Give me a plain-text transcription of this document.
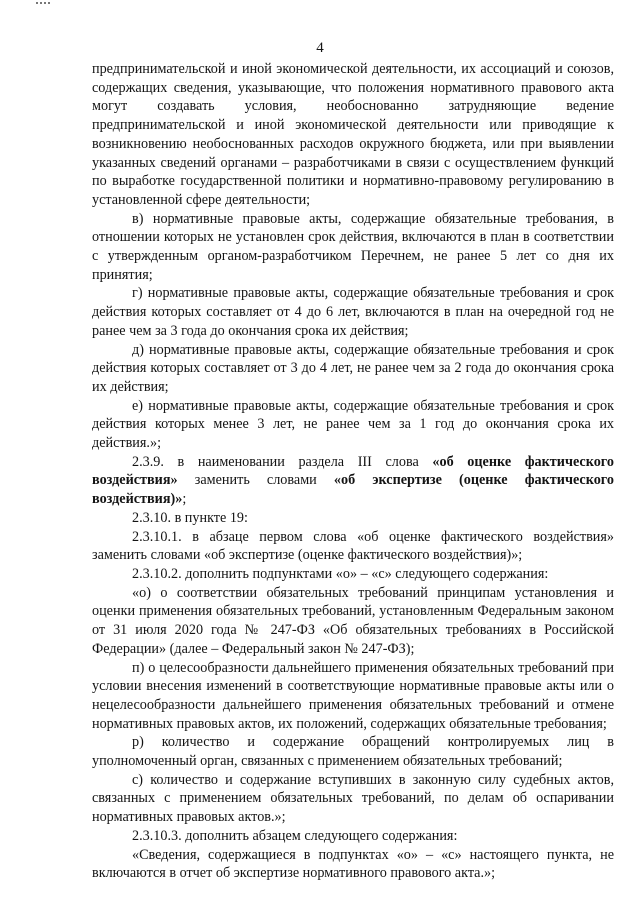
4

предпринимательской и иной экономической деятельности, их ассоциаций и союзов, содержащих сведения, указывающие, что положения нормативного правового акта могут создавать условия, необоснованно затрудняющие ведение предпринимательской и иной экономической деятельности или приводящие к возникновению необоснованных расходов окружного бюджета, или при выявлении указанных сведений органами – разработчиками в связи с осуществлением функций по выработке государственной политики и нормативно-правовому регулированию в установленной сфере деятельности;

в) нормативные правовые акты, содержащие обязательные требования, в отношении которых не установлен срок действия, включаются в план в соответствии с утвержденным органом-разработчиком Перечнем, не ранее 5 лет со дня их принятия;

г) нормативные правовые акты, содержащие обязательные требования и срок действия которых составляет от 4 до 6 лет, включаются в план на очередной год не ранее чем за 3 года до окончания срока их действия;

д) нормативные правовые акты, содержащие обязательные требования и срок действия которых составляет от 3 до 4 лет, не ранее чем за 2 года до окончания срока их действия;

е) нормативные правовые акты, содержащие обязательные требования и срок действия которых менее 3 лет, не ранее чем за 1 год до окончания срока их действия.»;

2.3.9. в наименовании раздела III слова «об оценке фактического воздействия» заменить словами «об экспертизе (оценке фактического воздействия)»;

2.3.10. в пункте 19:

2.3.10.1. в абзаце первом слова «об оценке фактического воздействия» заменить словами «об экспертизе (оценке фактического воздействия)»;

2.3.10.2. дополнить подпунктами «о» – «с» следующего содержания:

«о) о соответствии обязательных требований принципам установления и оценки применения обязательных требований, установленным Федеральным законом от 31 июля 2020 года № 247-ФЗ «Об обязательных требованиях в Российской Федерации» (далее – Федеральный закон № 247-ФЗ);

п) о целесообразности дальнейшего применения обязательных требований при условии внесения изменений в соответствующие нормативные правовые акты или о нецелесообразности дальнейшего применения обязательных требований и отмене нормативных правовых актов, их положений, содержащих обязательные требования;

р) количество и содержание обращений контролируемых лиц в уполномоченный орган, связанных с применением обязательных требований;

с) количество и содержание вступивших в законную силу судебных актов, связанных с применением обязательных требований, по делам об оспаривании нормативных правовых актов.»;

2.3.10.3. дополнить абзацем следующего содержания:

«Сведения, содержащиеся в подпунктах «о» – «с» настоящего пункта, не включаются в отчет об экспертизе нормативного правового акта.»;
